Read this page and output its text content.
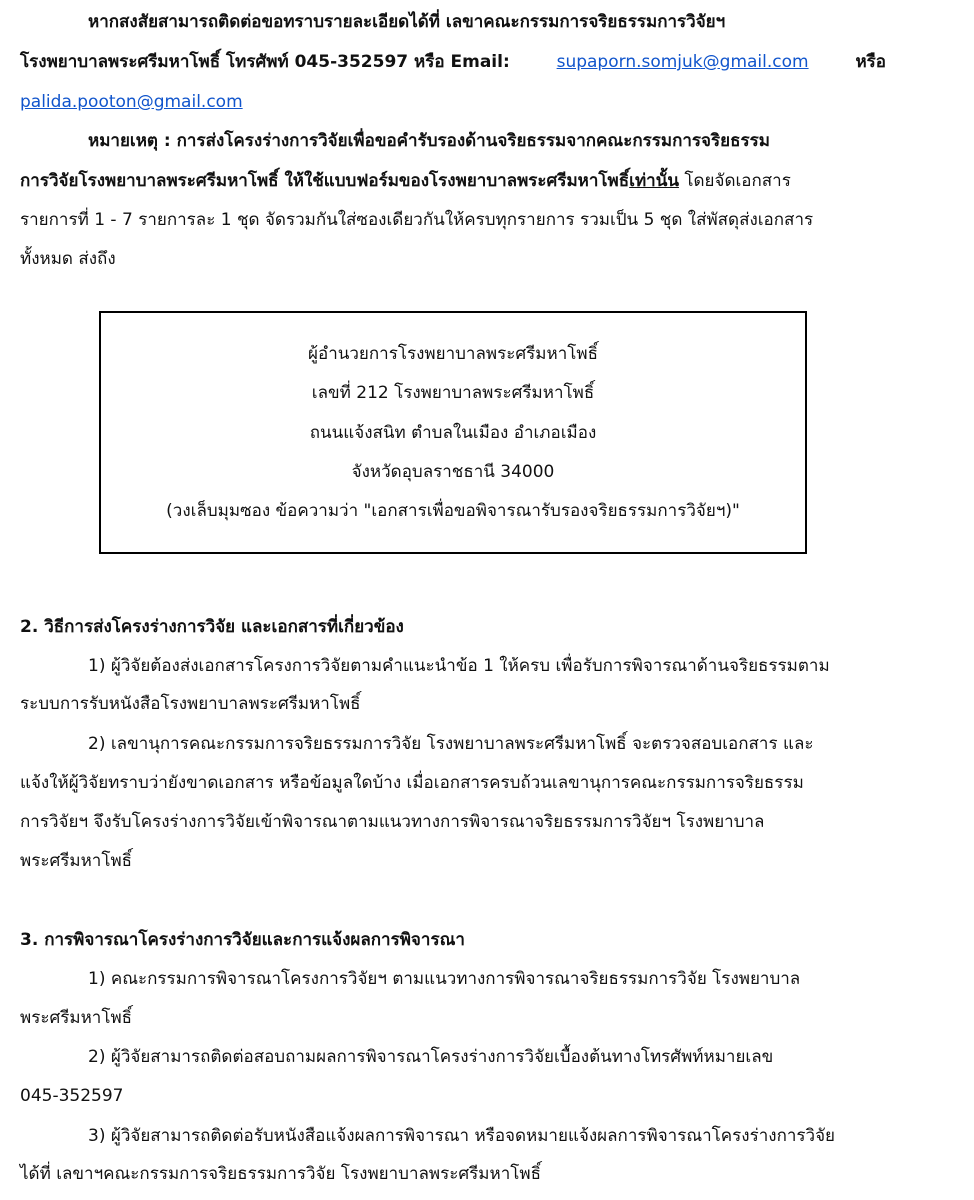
หากสงสัยสามารถติดต่อขอทราบรายละเอียดได้ที่ เลขาคณะกรรมการจริยธรรมการวิจัยฯ
โรงพยาบาลพระศรีมหาโพธิ์ โทรศัพท์ 045-352597 หรือ Email:	supaporn.somjuk@gmail.com	หรือ
palida.pooton@gmail.com
หมายเหตุ : การส่งโครงร่างการวิจัยเพื่อขอคำรับรองด้านจริยธรรมจากคณะกรรมการจริยธรรม
การวิจัยโรงพยาบาลพระศรีมหาโพธิ์ ให้ใช้แบบฟอร์มของโรงพยาบาลพระศรีมหาโพธิ์เท่านั้น โดยจัดเอกสาร
รายการที่ 1 - 7 รายการละ 1 ชุด จัดรวมกันใส่ซองเดียวกันให้ครบทุกรายการ รวมเป็น 5 ชุด ใส่พัสดุส่งเอกสาร
ทั้งหมด ส่งถึง
ผู้อำนวยการโรงพยาบาลพระศรีมหาโพธิ์
เลขที่ 212 โรงพยาบาลพระศรีมหาโพธิ์
ถนนแจ้งสนิท ตำบลในเมือง อำเภอเมือง
จังหวัดอุบลราชธานี 34000
(วงเล็บมุมซอง ข้อความว่า "เอกสารเพื่อขอพิจารณารับรองจริยธรรมการวิจัยฯ)"
2. วิธีการส่งโครงร่างการวิจัย และเอกสารที่เกี่ยวข้อง
1) ผู้วิจัยต้องส่งเอกสารโครงการวิจัยตามคำแนะนำข้อ 1 ให้ครบ เพื่อรับการพิจารณาด้านจริยธรรมตาม
ระบบการรับหนังสือโรงพยาบาลพระศรีมหาโพธิ์
2) เลขานุการคณะกรรมการจริยธรรมการวิจัย โรงพยาบาลพระศรีมหาโพธิ์ จะตรวจสอบเอกสาร และ
แจ้งให้ผู้วิจัยทราบว่ายังขาดเอกสาร หรือข้อมูลใดบ้าง เมื่อเอกสารครบถ้วนเลขานุการคณะกรรมการจริยธรรม
การวิจัยฯ จึงรับโครงร่างการวิจัยเข้าพิจารณาตามแนวทางการพิจารณาจริยธรรมการวิจัยฯ โรงพยาบาล
พระศรีมหาโพธิ์
3. การพิจารณาโครงร่างการวิจัยและการแจ้งผลการพิจารณา
1) คณะกรรมการพิจารณาโครงการวิจัยฯ ตามแนวทางการพิจารณาจริยธรรมการวิจัย โรงพยาบาล
พระศรีมหาโพธิ์
2) ผู้วิจัยสามารถติดต่อสอบถามผลการพิจารณาโครงร่างการวิจัยเบื้องต้นทางโทรศัพท์หมายเลข
045-352597
3) ผู้วิจัยสามารถติดต่อรับหนังสือแจ้งผลการพิจารณา หรือจดหมายแจ้งผลการพิจารณาโครงร่างการวิจัย
ได้ที่ เลขาฯคณะกรรมการจริยธรรมการวิจัย โรงพยาบาลพระศรีมหาโพธิ์
